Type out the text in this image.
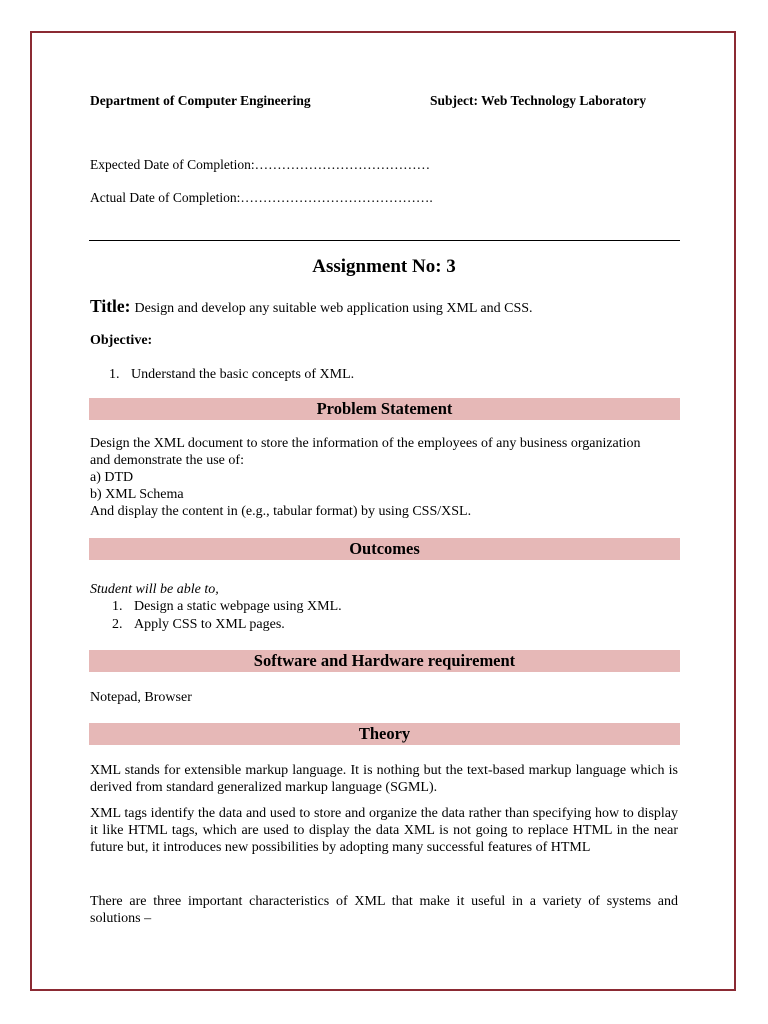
Department of Computer Engineering	Subject: Web Technology Laboratory
Expected Date of Completion:…………………………………
Actual Date of Completion:…………………………………….
Assignment No: 3
Title: Design and develop any suitable web application using XML and CSS.
Objective:
1. Understand the basic concepts of XML.
Problem Statement
Design the XML document to store the information of the employees of any business organization
and demonstrate the use of:
a) DTD
b) XML Schema
And display the content in (e.g., tabular format) by using CSS/XSL.
Outcomes
Student will be able to,
1. Design a static webpage using XML.
2. Apply CSS to XML pages.
Software and Hardware requirement
Notepad, Browser
Theory
XML stands for extensible markup language. It is nothing but the text-based markup language which is derived from standard generalized markup language (SGML).
XML tags identify the data and used to store and organize the data rather than specifying how to display it like HTML tags, which are used to display the data XML is not going to replace HTML in the near future but, it introduces new possibilities by adopting many successful features of HTML
There are three important characteristics of XML that make it useful in a variety of systems and solutions –
